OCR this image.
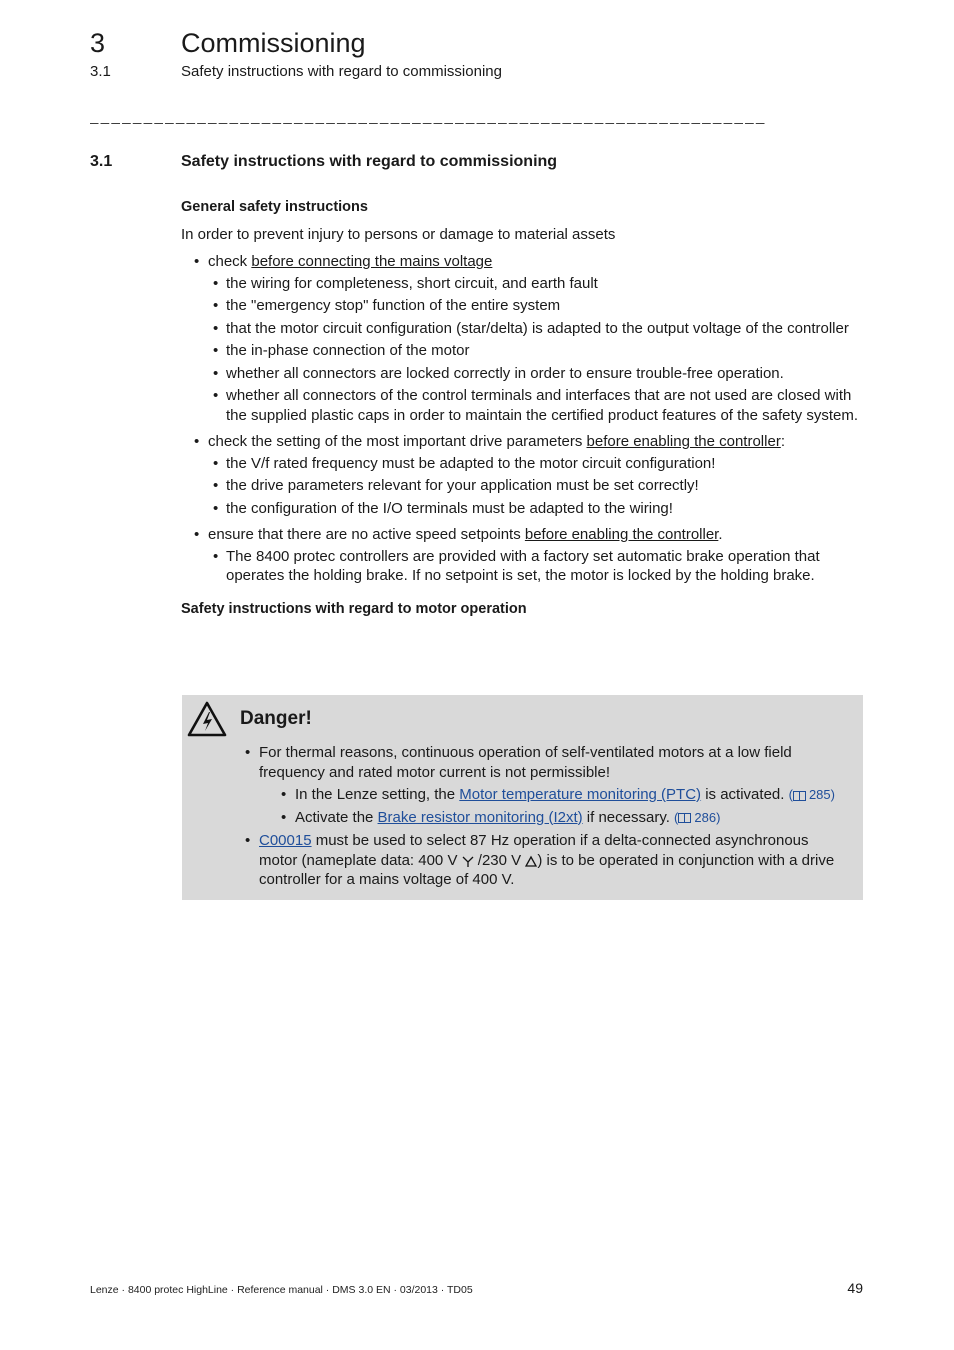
3	Commissioning
3.1	Safety instructions with regard to commissioning
_______________________________________________________________
3.1	Safety instructions with regard to commissioning
General safety instructions
In order to prevent injury to persons or damage to material assets
• check before connecting the mains voltage
• the wiring for completeness, short circuit, and earth fault
• the "emergency stop" function of the entire system
• that the motor circuit configuration (star/delta) is adapted to the output voltage of the controller
• the in-phase connection of the motor
• whether all connectors are locked correctly in order to ensure trouble-free operation.
• whether all connectors of the control terminals and interfaces that are not used are closed with the supplied plastic caps in order to maintain the certified product features of the safety system.
• check the setting of the most important drive parameters before enabling the controller:
• the V/f rated frequency must be adapted to the motor circuit configuration!
• the drive parameters relevant for your application must be set correctly!
• the configuration of the I/O terminals must be adapted to the wiring!
• ensure that there are no active speed setpoints before enabling the controller.
• The 8400 protec controllers are provided with a factory set automatic brake operation that operates the holding brake. If no setpoint is set, the motor is locked by the holding brake.
Safety instructions with regard to motor operation
Danger!
• For thermal reasons, continuous operation of self-ventilated motors at a low field frequency and rated motor current is not permissible!
• In the Lenze setting, the Motor temperature monitoring (PTC) is activated. ( 285)
• Activate the Brake resistor monitoring (I2xt) if necessary. ( 286)
• C00015 must be used to select 87 Hz operation if a delta-connected asynchronous motor (nameplate data: 400 V  /230 V ) is to be operated in conjunction with a drive controller for a mains voltage of 400 V.
Lenze · 8400 protec HighLine · Reference manual · DMS 3.0 EN · 03/2013 · TD05	49
